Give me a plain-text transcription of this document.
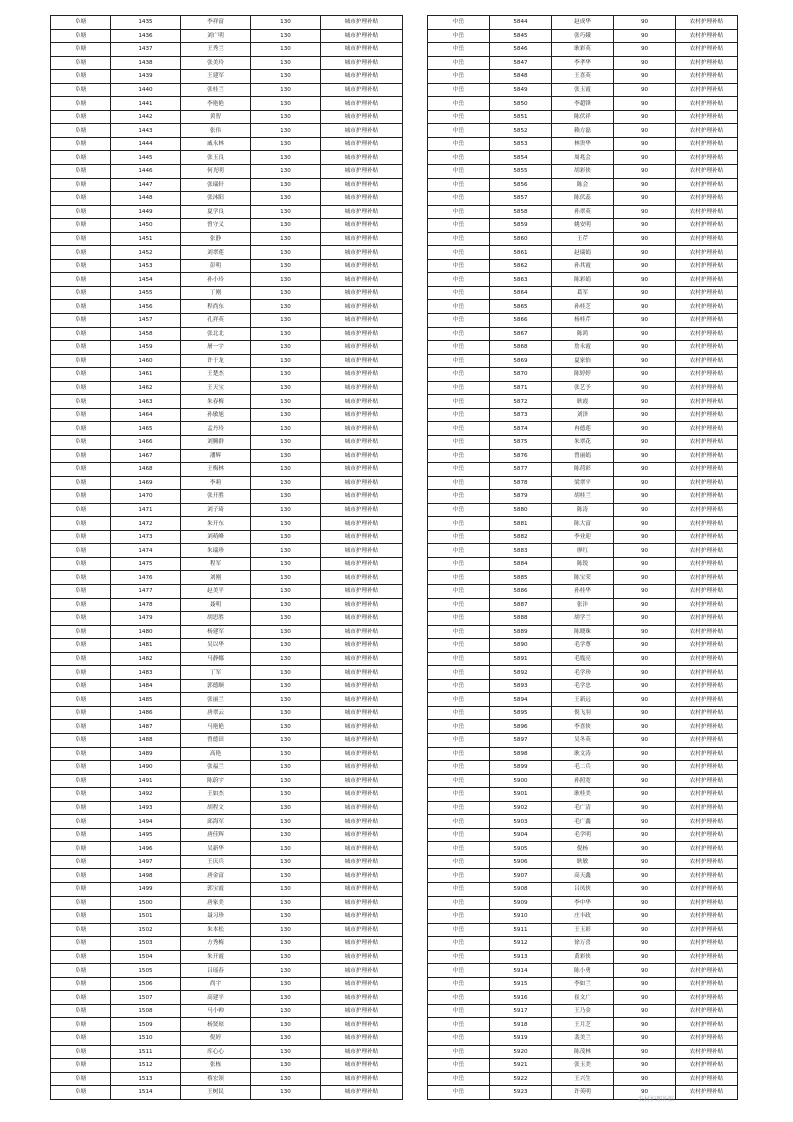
阜塘	1435	李祥富	130	城市护理补贴
阜塘	1436	刘广明	130	城市护理补贴
阜塘	1437	王秀兰	130	城市护理补贴
阜塘	1438	张美玲	130	城市护理补贴
阜塘	1439	王建军	130	城市护理补贴
阜塘	1440	张桂兰	130	城市护理补贴
阜塘	1441	李艳艳	130	城市护理补贴
阜塘	1442	黄智	130	城市护理补贴
阜塘	1443	张伟	130	城市护理补贴
阜塘	1444	戚永林	130	城市护理补贴
阜塘	1445	张玉良	130	城市护理补贴
阜塘	1446	何光明	130	城市护理补贴
阜塘	1447	张瑞轩	130	城市护理补贴
阜塘	1448	张沐阳	130	城市护理补贴
阜塘	1449	夏学良	130	城市护理补贴
阜塘	1450	曾守义	130	城市护理补贴
阜塘	1451	张静	130	城市护理补贴
阜塘	1452	刘翠莲	130	城市护理补贴
阜塘	1453	彭明	130	城市护理补贴
阜塘	1454	孙小玲	130	城市护理补贴
阜塘	1455	丁刚	130	城市护理补贴
阜塘	1456	程尚东	130	城市护理补贴
阜塘	1457	孔祥英	130	城市护理补贴
阜塘	1458	张北北	130	城市护理补贴
阜塘	1459	屠一宇	130	城市护理补贴
阜塘	1460	许于龙	130	城市护理补贴
阜塘	1461	王楚杰	130	城市护理补贴
阜塘	1462	王天宝	130	城市护理补贴
阜塘	1463	朱春梅	130	城市护理补贴
阜塘	1464	孙敏旭	130	城市护理补贴
阜塘	1465	孟丹玲	130	城市护理补贴
阜塘	1466	刘腾群	130	城市护理补贴
阜塘	1467	潘辉	130	城市护理补贴
阜塘	1468	王梅林	130	城市护理补贴
阜塘	1469	李莉	130	城市护理补贴
阜塘	1470	张开胜	130	城市护理补贴
阜塘	1471	刘子琦	130	城市护理补贴
阜塘	1472	朱开东	130	城市护理补贴
阜塘	1473	刘萌峰	130	城市护理补贴
阜塘	1474	朱瑞珍	130	城市护理补贴
阜塘	1475	程军	130	城市护理补贴
阜塘	1476	刘刚	130	城市护理补贴
阜塘	1477	赵美平	130	城市护理补贴
阜塘	1478	聂明	130	城市护理补贴
阜塘	1479	胡思胜	130	城市护理补贴
阜塘	1480	杨建军	130	城市护理补贴
阜塘	1481	吴以华	130	城市护理补贴
阜塘	1482	马静娜	130	城市护理补贴
阜塘	1483	丁军	130	城市护理补贴
阜塘	1484	郭德顺	130	城市护理补贴
阜塘	1485	张丽兰	130	城市护理补贴
阜塘	1486	唐翠云	130	城市护理补贴
阜塘	1487	马艳艳	130	城市护理补贴
阜塘	1488	曾德田	130	城市护理补贴
阜塘	1489	高艳	130	城市护理补贴
阜塘	1490	张福兰	130	城市护理补贴
阜塘	1491	陈蔚宇	130	城市护理补贴
阜塘	1492	王如杰	130	城市护理补贴
阜塘	1493	胡程文	130	城市护理补贴
阜塘	1494	邱海军	130	城市护理补贴
阜塘	1495	唐佳辉	130	城市护理补贴
阜塘	1496	吴新华	130	城市护理补贴
阜塘	1497	王庆兵	130	城市护理补贴
阜塘	1498	唐金富	130	城市护理补贴
阜塘	1499	郭宝霞	130	城市护理补贴
阜塘	1500	唐家美	130	城市护理补贴
阜塘	1501	聂习珍	130	城市护理补贴
阜塘	1502	朱本松	130	城市护理补贴
阜塘	1503	方秀梅	130	城市护理补贴
阜塘	1504	朱开霞	130	城市护理补贴
阜塘	1505	吕瑶春	130	城市护理补贴
阜塘	1506	尚宇	130	城市护理补贴
阜塘	1507	高建平	130	城市护理补贴
阜塘	1508	马小帅	130	城市护理补贴
阜塘	1509	杨贤琼	130	城市护理补贴
阜塘	1510	倪婷	130	城市护理补贴
阜塘	1511	库心心	130	城市护理补贴
阜塘	1512	张栋	130	城市护理补贴
阜塘	1513	蔡宏领	130	城市护理补贴
阜塘	1514	王树民	130	城市护理补贴
中岳	5844	赵成华	90	农村护理补贴
中岳	5845	张巧娥	90	农村护理补贴
中岳	5846	耿彩英	90	农村护理补贴
中岳	5847	李孝华	90	农村护理补贴
中岳	5848	王喜英	90	农村护理补贴
中岳	5849	张玉霞	90	农村护理补贴
中岳	5850	李超锋	90	农村护理补贴
中岳	5851	陈伏祥	90	农村护理补贴
中岳	5852	赖方磊	90	农村护理补贴
中岳	5853	林贵华	90	农村护理补贴
中岳	5854	周兆会	90	农村护理补贴
中岳	5855	胡彩侠	90	农村护理补贴
中岳	5856	陈会	90	农村护理补贴
中岳	5857	陈伏蕊	90	农村护理补贴
中岳	5858	孙翠英	90	农村护理补贴
中岳	5859	姚安明	90	农村护理补贴
中岳	5860	王芹	90	农村护理补贴
中岳	5861	赵瑞娟	90	农村护理补贴
中岳	5862	孙其霞	90	农村护理补贴
中岳	5863	陈彩娟	90	农村护理补贴
中岳	5864	葛军	90	农村护理补贴
中岳	5865	孙桂芝	90	农村护理补贴
中岳	5866	杨桂芹	90	农村护理补贴
中岳	5867	陈鸿	90	农村护理补贴
中岳	5868	詹永霞	90	农村护理补贴
中岳	5869	夏家怡	90	农村护理补贴
中岳	5870	陈婷婷	90	农村护理补贴
中岳	5871	张艺予	90	农村护理补贴
中岳	5872	耿霞	90	农村护理补贴
中岳	5873	刘泽	90	农村护理补贴
中岳	5874	冉德莲	90	农村护理补贴
中岳	5875	朱翠花	90	农村护理补贴
中岳	5876	曾丽娟	90	农村护理补贴
中岳	5877	陈荷彩	90	农村护理补贴
中岳	5878	梁翠平	90	农村护理补贴
中岳	5879	胡桂兰	90	农村护理补贴
中岳	5880	陈涛	90	农村护理补贴
中岳	5881	陈大富	90	农村护理补贴
中岳	5882	李业迎	90	农村护理补贴
中岳	5883	廖红	90	农村护理补贴
中岳	5884	陈锐	90	农村护理补贴
中岳	5885	陈宝荣	90	农村护理补贴
中岳	5886	孙桂华	90	农村护理补贴
中岳	5887	张沣	90	农村护理补贴
中岳	5888	胡学兰	90	农村护理补贴
中岳	5889	陈晓珠	90	农村护理补贴
中岳	5890	毛学尊	90	农村护理补贴
中岳	5891	毛胤亮	90	农村护理补贴
中岳	5892	毛学珍	90	农村护理补贴
中岳	5893	毛学忠	90	农村护理补贴
中岳	5894	王新远	90	农村护理补贴
中岳	5895	倪飞羽	90	农村护理补贴
中岳	5896	李喜侠	90	农村护理补贴
中岳	5897	吴冬英	90	农村护理补贴
中岳	5898	耿文涛	90	农村护理补贴
中岳	5899	毛二兵	90	农村护理补贴
中岳	5900	孙照宽	90	农村护理补贴
中岳	5901	耿桂美	90	农村护理补贴
中岳	5902	毛广清	90	农村护理补贴
中岳	5903	毛广鑫	90	农村护理补贴
中岳	5904	毛学明	90	农村护理补贴
中岳	5905	倪杨	90	农村护理补贴
中岳	5906	耿敏	90	农村护理补贴
中岳	5907	高天鑫	90	农村护理补贴
中岳	5908	吕凤侠	90	农村护理补贴
中岳	5909	李中华	90	农村护理补贴
中岳	5910	庄丰政	90	农村护理补贴
中岳	5911	王玉彩	90	农村护理补贴
中岳	5912	徐万喜	90	农村护理补贴
中岳	5913	黄彩侠	90	农村护理补贴
中岳	5914	陈小勇	90	农村护理补贴
中岳	5915	李如兰	90	农村护理补贴
中岳	5916	崔文广	90	农村护理补贴
中岳	5917	王乃金	90	农村护理补贴
中岳	5918	王月芝	90	农村护理补贴
中岳	5919	裴美兰	90	农村护理补贴
中岳	5920	陈茂林	90	农村护理补贴
中岳	5921	张玉美	90	农村护理补贴
中岳	5922	王兴生	90	农村护理补贴
中岳	5923	许英明	90	农村护理补贴
农村护理补贴
